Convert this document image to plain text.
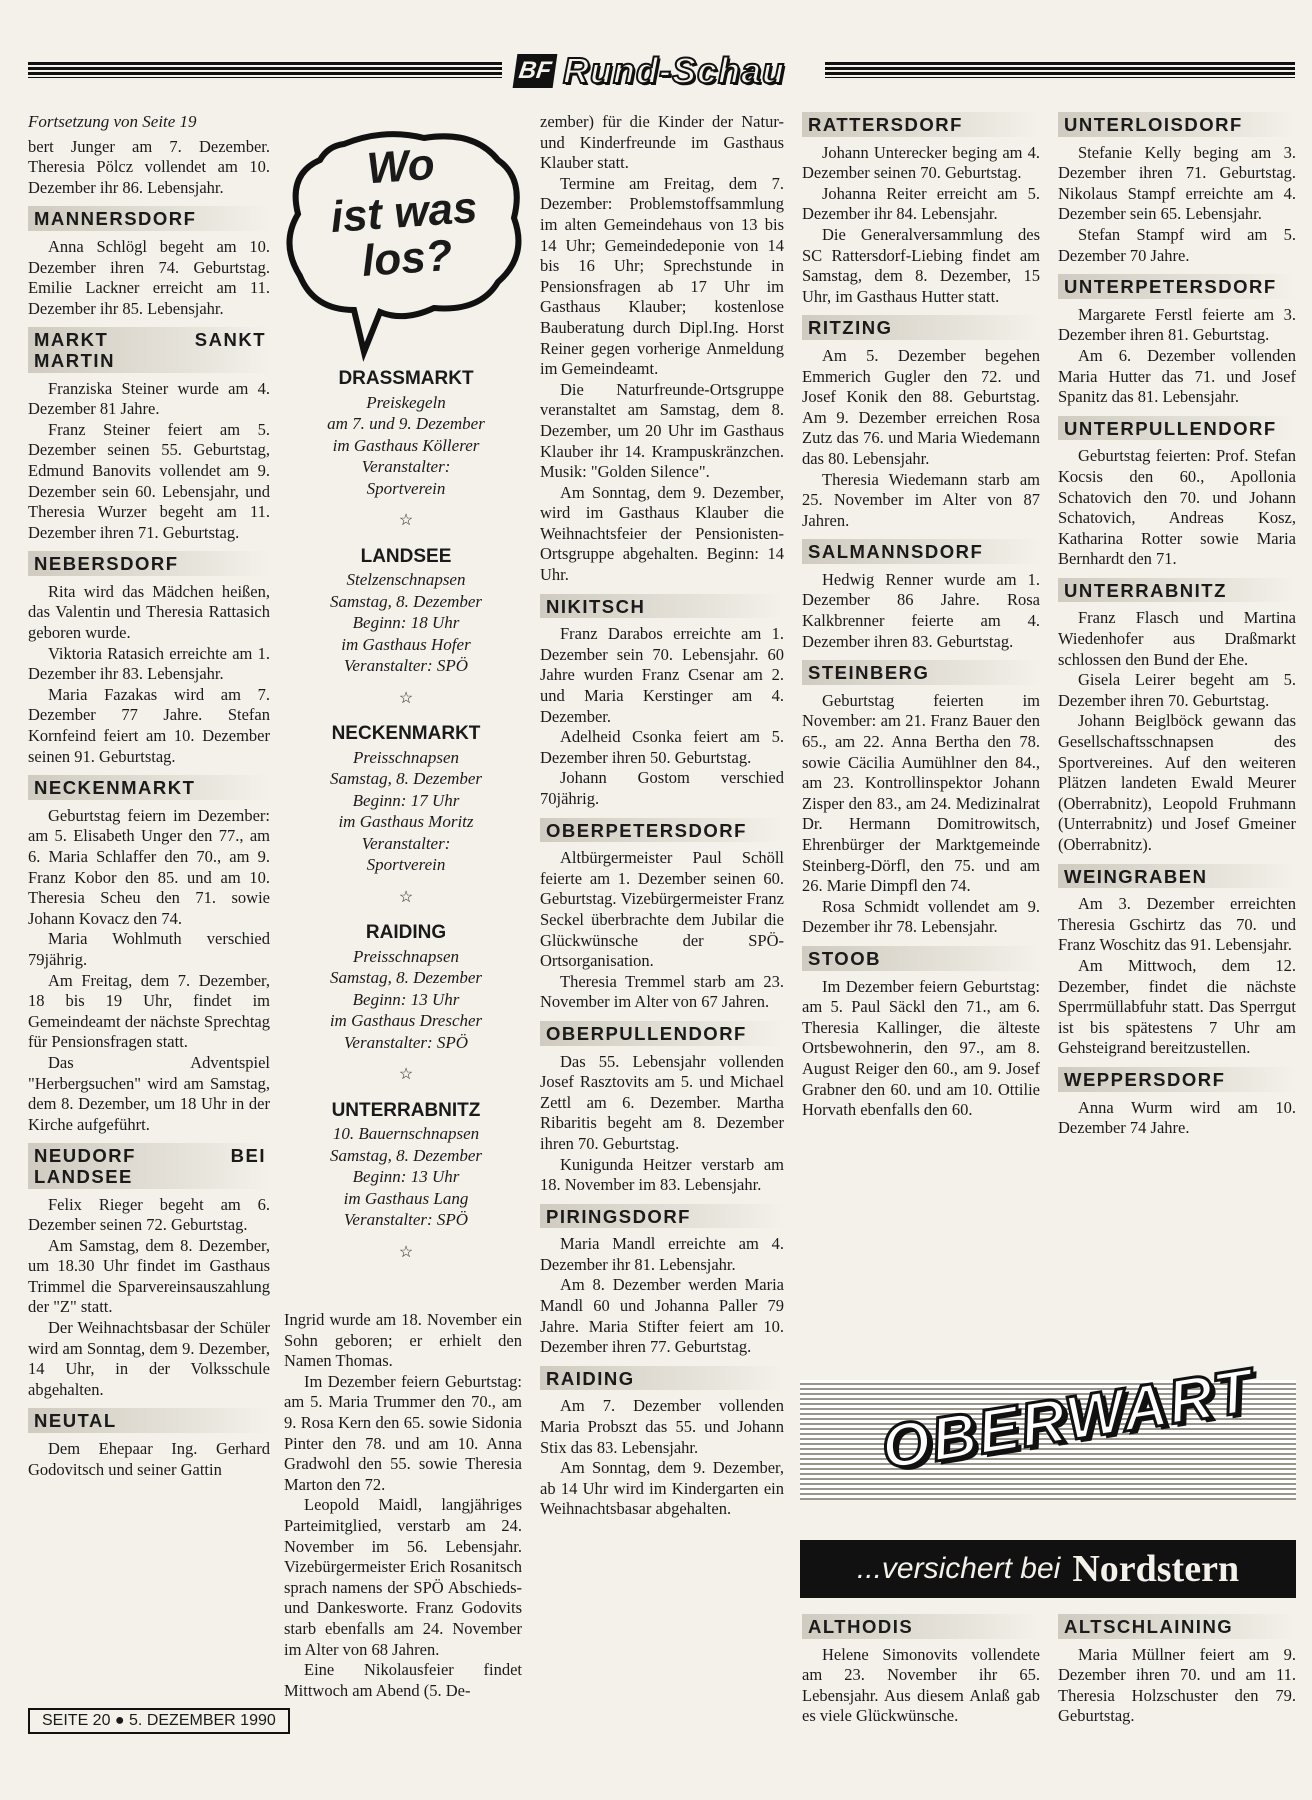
BF Rund-Schau
Fortsetzung von Seite 19

bert Junger am 7. Dezember. Theresia Pölcz vollendet am 10. Dezember ihr 86. Lebensjahr.

MANNERSDORF

Anna Schlögl begeht am 10. Dezember ihren 74. Geburtstag. Emilie Lackner erreicht am 11. Dezember ihr 85. Lebensjahr.

MARKT SANKT MARTIN

Franziska Steiner wurde am 4. Dezember 81 Jahre.

Franz Steiner feiert am 5. Dezember seinen 55. Geburtstag, Edmund Banovits vollendet am 9. Dezember sein 60. Lebensjahr, und Theresia Wurzer begeht am 11. Dezember ihren 71. Geburtstag.

NEBERSDORF

Rita wird das Mädchen heißen, das Valentin und Theresia Rattasich geboren wurde.

Viktoria Ratasich erreichte am 1. Dezember ihr 83. Lebensjahr.

Maria Fazakas wird am 7. Dezember 77 Jahre. Stefan Kornfeind feiert am 10. Dezember seinen 91. Geburtstag.

NECKENMARKT

Geburtstag feiern im Dezember: am 5. Elisabeth Unger den 77., am 6. Maria Schlaffer den 70., am 9. Franz Kobor den 85. und am 10. Theresia Scheu den 71. sowie Johann Kovacz den 74.

Maria Wohlmuth verschied 79jährig.

Am Freitag, dem 7. Dezember, 18 bis 19 Uhr, findet im Gemeindeamt der nächste Sprechtag für Pensionsfragen statt.

Das Adventspiel "Herbergsuchen" wird am Samstag, dem 8. Dezember, um 18 Uhr in der Kirche aufgeführt.

NEUDORF BEI LANDSEE

Felix Rieger begeht am 6. Dezember seinen 72. Geburtstag.

Am Samstag, dem 8. Dezember, um 18.30 Uhr findet im Gasthaus Trimmel die Sparvereinsauszahlung der "Z" statt.

Der Weihnachtsbasar der Schüler wird am Sonntag, dem 9. Dezember, 14 Uhr, in der Volksschule abgehalten.

NEUTAL

Dem Ehepaar Ing. Gerhard Godovitsch und seiner Gattin

Wo
ist was
los?
DRASSMARKT
Preiskegeln
am 7. und 9. Dezember
im Gasthaus Köllerer
Veranstalter:
Sportverein
☆
LANDSEE
Stelzenschnapsen
Samstag, 8. Dezember
Beginn: 18 Uhr
im Gasthaus Hofer
Veranstalter: SPÖ
☆
NECKENMARKT
Preisschnapsen
Samstag, 8. Dezember
Beginn: 17 Uhr
im Gasthaus Moritz
Veranstalter:
Sportverein
☆
RAIDING
Preisschnapsen
Samstag, 8. Dezember
Beginn: 13 Uhr
im Gasthaus Drescher
Veranstalter: SPÖ
☆
UNTERRABNITZ
10. Bauernschnapsen
Samstag, 8. Dezember
Beginn: 13 Uhr
im Gasthaus Lang
Veranstalter: SPÖ
☆

Ingrid wurde am 18. November ein Sohn geboren; er erhielt den Namen Thomas.

Im Dezember feiern Geburtstag: am 5. Maria Trummer den 70., am 9. Rosa Kern den 65. sowie Sidonia Pinter den 78. und am 10. Anna Gradwohl den 55. sowie Theresia Marton den 72.

Leopold Maidl, langjähriges Parteimitglied, verstarb am 24. November im 56. Lebensjahr. Vizebürgermeister Erich Rosanitsch sprach namens der SPÖ Abschieds- und Dankesworte. Franz Godovits starb ebenfalls am 24. November im Alter von 68 Jahren.

Eine Nikolausfeier findet Mittwoch am Abend (5. De-

zember) für die Kinder der Natur- und Kinderfreunde im Gasthaus Klauber statt.

Termine am Freitag, dem 7. Dezember: Problemstoffsammlung im alten Gemeindehaus von 13 bis 14 Uhr; Gemeindedeponie von 14 bis 16 Uhr; Sprechstunde in Pensionsfragen ab 17 Uhr im Gasthaus Klauber; kostenlose Bauberatung durch Dipl.Ing. Horst Reiner gegen vorherige Anmeldung im Gemeindeamt.

Die Naturfreunde-Ortsgruppe veranstaltet am Samstag, dem 8. Dezember, um 20 Uhr im Gasthaus Klauber ihr 14. Krampuskränzchen. Musik: "Golden Silence".

Am Sonntag, dem 9. Dezember, wird im Gasthaus Klauber die Weihnachtsfeier der Pensionisten-Ortsgruppe abgehalten. Beginn: 14 Uhr.

NIKITSCH

Franz Darabos erreichte am 1. Dezember sein 70. Lebensjahr. 60 Jahre wurden Franz Csenar am 2. und Maria Kerstinger am 4. Dezember.

Adelheid Csonka feiert am 5. Dezember ihren 50. Geburtstag.

Johann Gostom verschied 70jährig.

OBERPETERSDORF

Altbürgermeister Paul Schöll feierte am 1. Dezember seinen 60. Geburtstag. Vizebürgermeister Franz Seckel überbrachte dem Jubilar die Glückwünsche der SPÖ-Ortsorganisation.

Theresia Tremmel starb am 23. November im Alter von 67 Jahren.

OBERPULLENDORF

Das 55. Lebensjahr vollenden Josef Rasztovits am 5. und Michael Zettl am 6. Dezember. Martha Ribaritis begeht am 8. Dezember ihren 70. Geburtstag.

Kunigunda Heitzer verstarb am 18. November im 83. Lebensjahr.

PIRINGSDORF

Maria Mandl erreichte am 4. Dezember ihr 81. Lebensjahr.

Am 8. Dezember werden Maria Mandl 60 und Johanna Paller 79 Jahre. Maria Stifter feiert am 10. Dezember ihren 77. Geburtstag.

RAIDING

Am 7. Dezember vollenden Maria Probszt das 55. und Johann Stix das 83. Lebensjahr.

Am Sonntag, dem 9. Dezember, ab 14 Uhr wird im Kindergarten ein Weihnachtsbasar abgehalten.

RATTERSDORF

Johann Unterecker beging am 4. Dezember seinen 70. Geburtstag.

Johanna Reiter erreicht am 5. Dezember ihr 84. Lebensjahr.

Die Generalversammlung des SC Rattersdorf-Liebing findet am Samstag, dem 8. Dezember, 15 Uhr, im Gasthaus Hutter statt.

RITZING

Am 5. Dezember begehen Emmerich Gugler den 72. und Josef Konik den 88. Geburtstag. Am 9. Dezember erreichen Rosa Zutz das 76. und Maria Wiedemann das 80. Lebensjahr.

Theresia Wiedemann starb am 25. November im Alter von 87 Jahren.

SALMANNSDORF

Hedwig Renner wurde am 1. Dezember 86 Jahre. Rosa Kalkbrenner feierte am 4. Dezember ihren 83. Geburtstag.

STEINBERG

Geburtstag feierten im November: am 21. Franz Bauer den 65., am 22. Anna Bertha den 78. sowie Cäcilia Aumühlner den 84., am 23. Kontrollinspektor Johann Zisper den 83., am 24. Medizinalrat Dr. Hermann Domitrowitsch, Ehrenbürger der Marktgemeinde Steinberg-Dörfl, den 75. und am 26. Marie Dimpfl den 74.

Rosa Schmidt vollendet am 9. Dezember ihr 78. Lebensjahr.

STOOB

Im Dezember feiern Geburtstag: am 5. Paul Säckl den 71., am 6. Theresia Kallinger, die älteste Ortsbewohnerin, den 97., am 8. August Reiger den 60., am 9. Josef Grabner den 60. und am 10. Ottilie Horvath ebenfalls den 60.

UNTERLOISDORF

Stefanie Kelly beging am 3. Dezember ihren 71. Geburtstag. Nikolaus Stampf erreichte am 4. Dezember sein 65. Lebensjahr.

Stefan Stampf wird am 5. Dezember 70 Jahre.

UNTERPETERSDORF

Margarete Ferstl feierte am 3. Dezember ihren 81. Geburtstag.

Am 6. Dezember vollenden Maria Hutter das 71. und Josef Spanitz das 81. Lebensjahr.

UNTERPULLENDORF

Geburtstag feierten: Prof. Stefan Kocsis den 60., Apollonia Schatovich den 70. und Johann Schatovich, Andreas Kosz, Katharina Rotter sowie Maria Bernhardt den 71.

UNTERRABNITZ

Franz Flasch und Martina Wiedenhofer aus Draßmarkt schlossen den Bund der Ehe.

Gisela Leirer begeht am 5. Dezember ihren 70. Geburtstag.

Johann Beiglböck gewann das Gesellschaftsschnapsen des Sportvereines. Auf den weiteren Plätzen landeten Ewald Meurer (Oberrabnitz), Leopold Fruhmann (Unterrabnitz) und Josef Gmeiner (Oberrabnitz).

WEINGRABEN

Am 3. Dezember erreichten Theresia Gschirtz das 70. und Franz Woschitz das 91. Lebensjahr.

Am Mittwoch, dem 12. Dezember, findet die nächste Sperrmüllabfuhr statt. Das Sperrgut ist bis spätestens 7 Uhr am Gehsteigrand bereitzustellen.

WEPPERSDORF

Anna Wurm wird am 10. Dezember 74 Jahre.

OBERWART
...versichert bei Nordstern
ALTHODIS

Helene Simonovits vollendete am 23. November ihr 65. Lebensjahr. Aus diesem Anlaß gab es viele Glückwünsche.

ALTSCHLAINING

Maria Müllner feiert am 9. Dezember ihren 70. und am 11. Theresia Holzschuster den 79. Geburtstag.

SEITE 20 ● 5. DEZEMBER 1990
